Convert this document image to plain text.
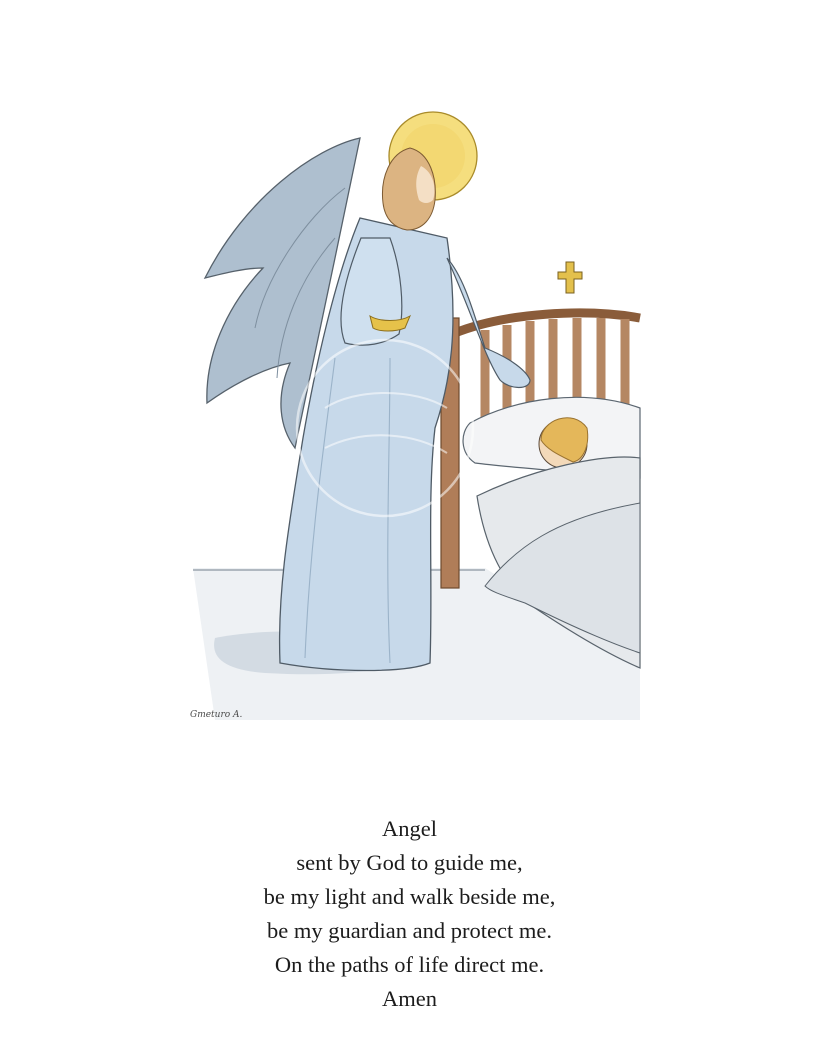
Gmeturo A.
Angel
sent by God to guide me,
be my light and walk beside me,
be my guardian and protect me.
On the paths of life direct me.
Amen
